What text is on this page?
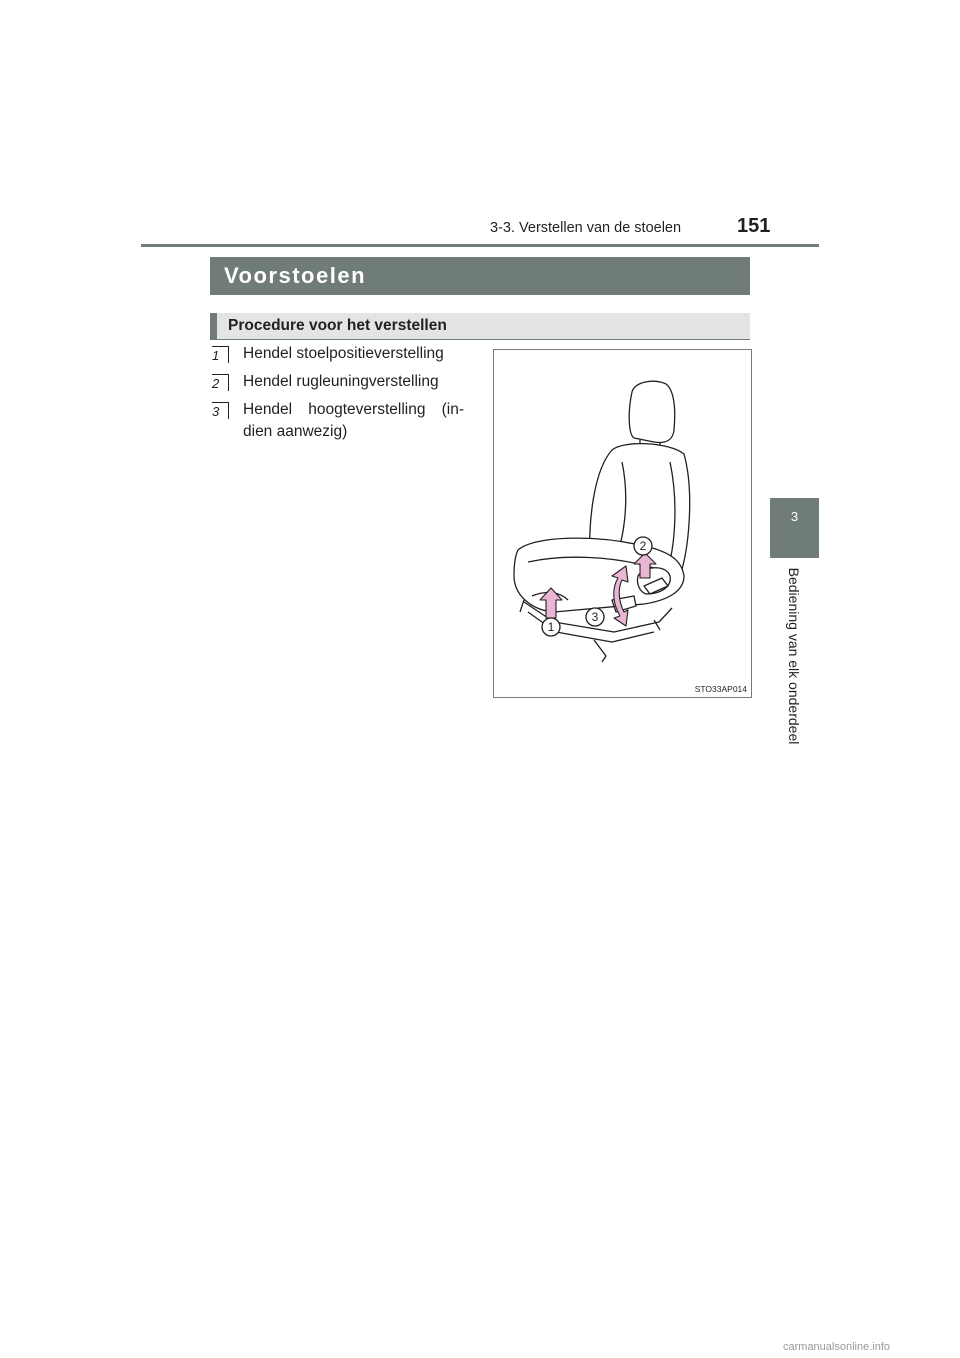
3-3. Verstellen van de stoelen	151
3
Bediening van elk onderdeel
Voorstoelen
Procedure voor het verstellen
1	Hendel stoelpositieverstelling
2	Hendel rugleuningverstelling
3	Hendel hoogteverstelling (in-dien aanwezig)
1
2
3
STO33AP014
carmanualsonline.info
